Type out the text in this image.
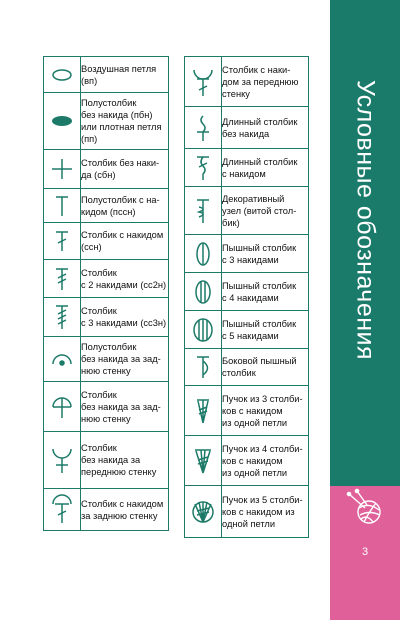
Воздушная петля
(вп)

Полустолбик
без накида (пбн)
или плотная петля
(пп)

Столбик без нaки-
да (сбн)

Полустолбик с на-
кидом (пссн)

Столбик с накидом
(ссн)

Столбик
с 2 накидами (сс2н)

Столбик
с 3 накидами (сс3н)

Полустолбик
без накида за зад-
нюю стенку

Столбик
без накида за зад-
нюю стенку

Столбик
без накида за
переднюю стенку

Столбик с накидом
за заднюю стенку

Столбик с нaки-
дом за переднюю
стенку

Длинный столбик
без накида

Длинный столбик
с накидом

Декоративный
узел (витой стол-
бик)

Пышный столбик
с 3 накидами

Пышный столбик
с 4 накидами

Пышный столбик
с 5 накидами

Боковой пышный
столбик

Пучок из 3 столби-
ков с накидом
из одной петли

Пучок из 4 столби-
ков с накидом
из одной петли

Пучок из 5 столби-
ков с накидом из
одной петли
Условные обозначения
3
